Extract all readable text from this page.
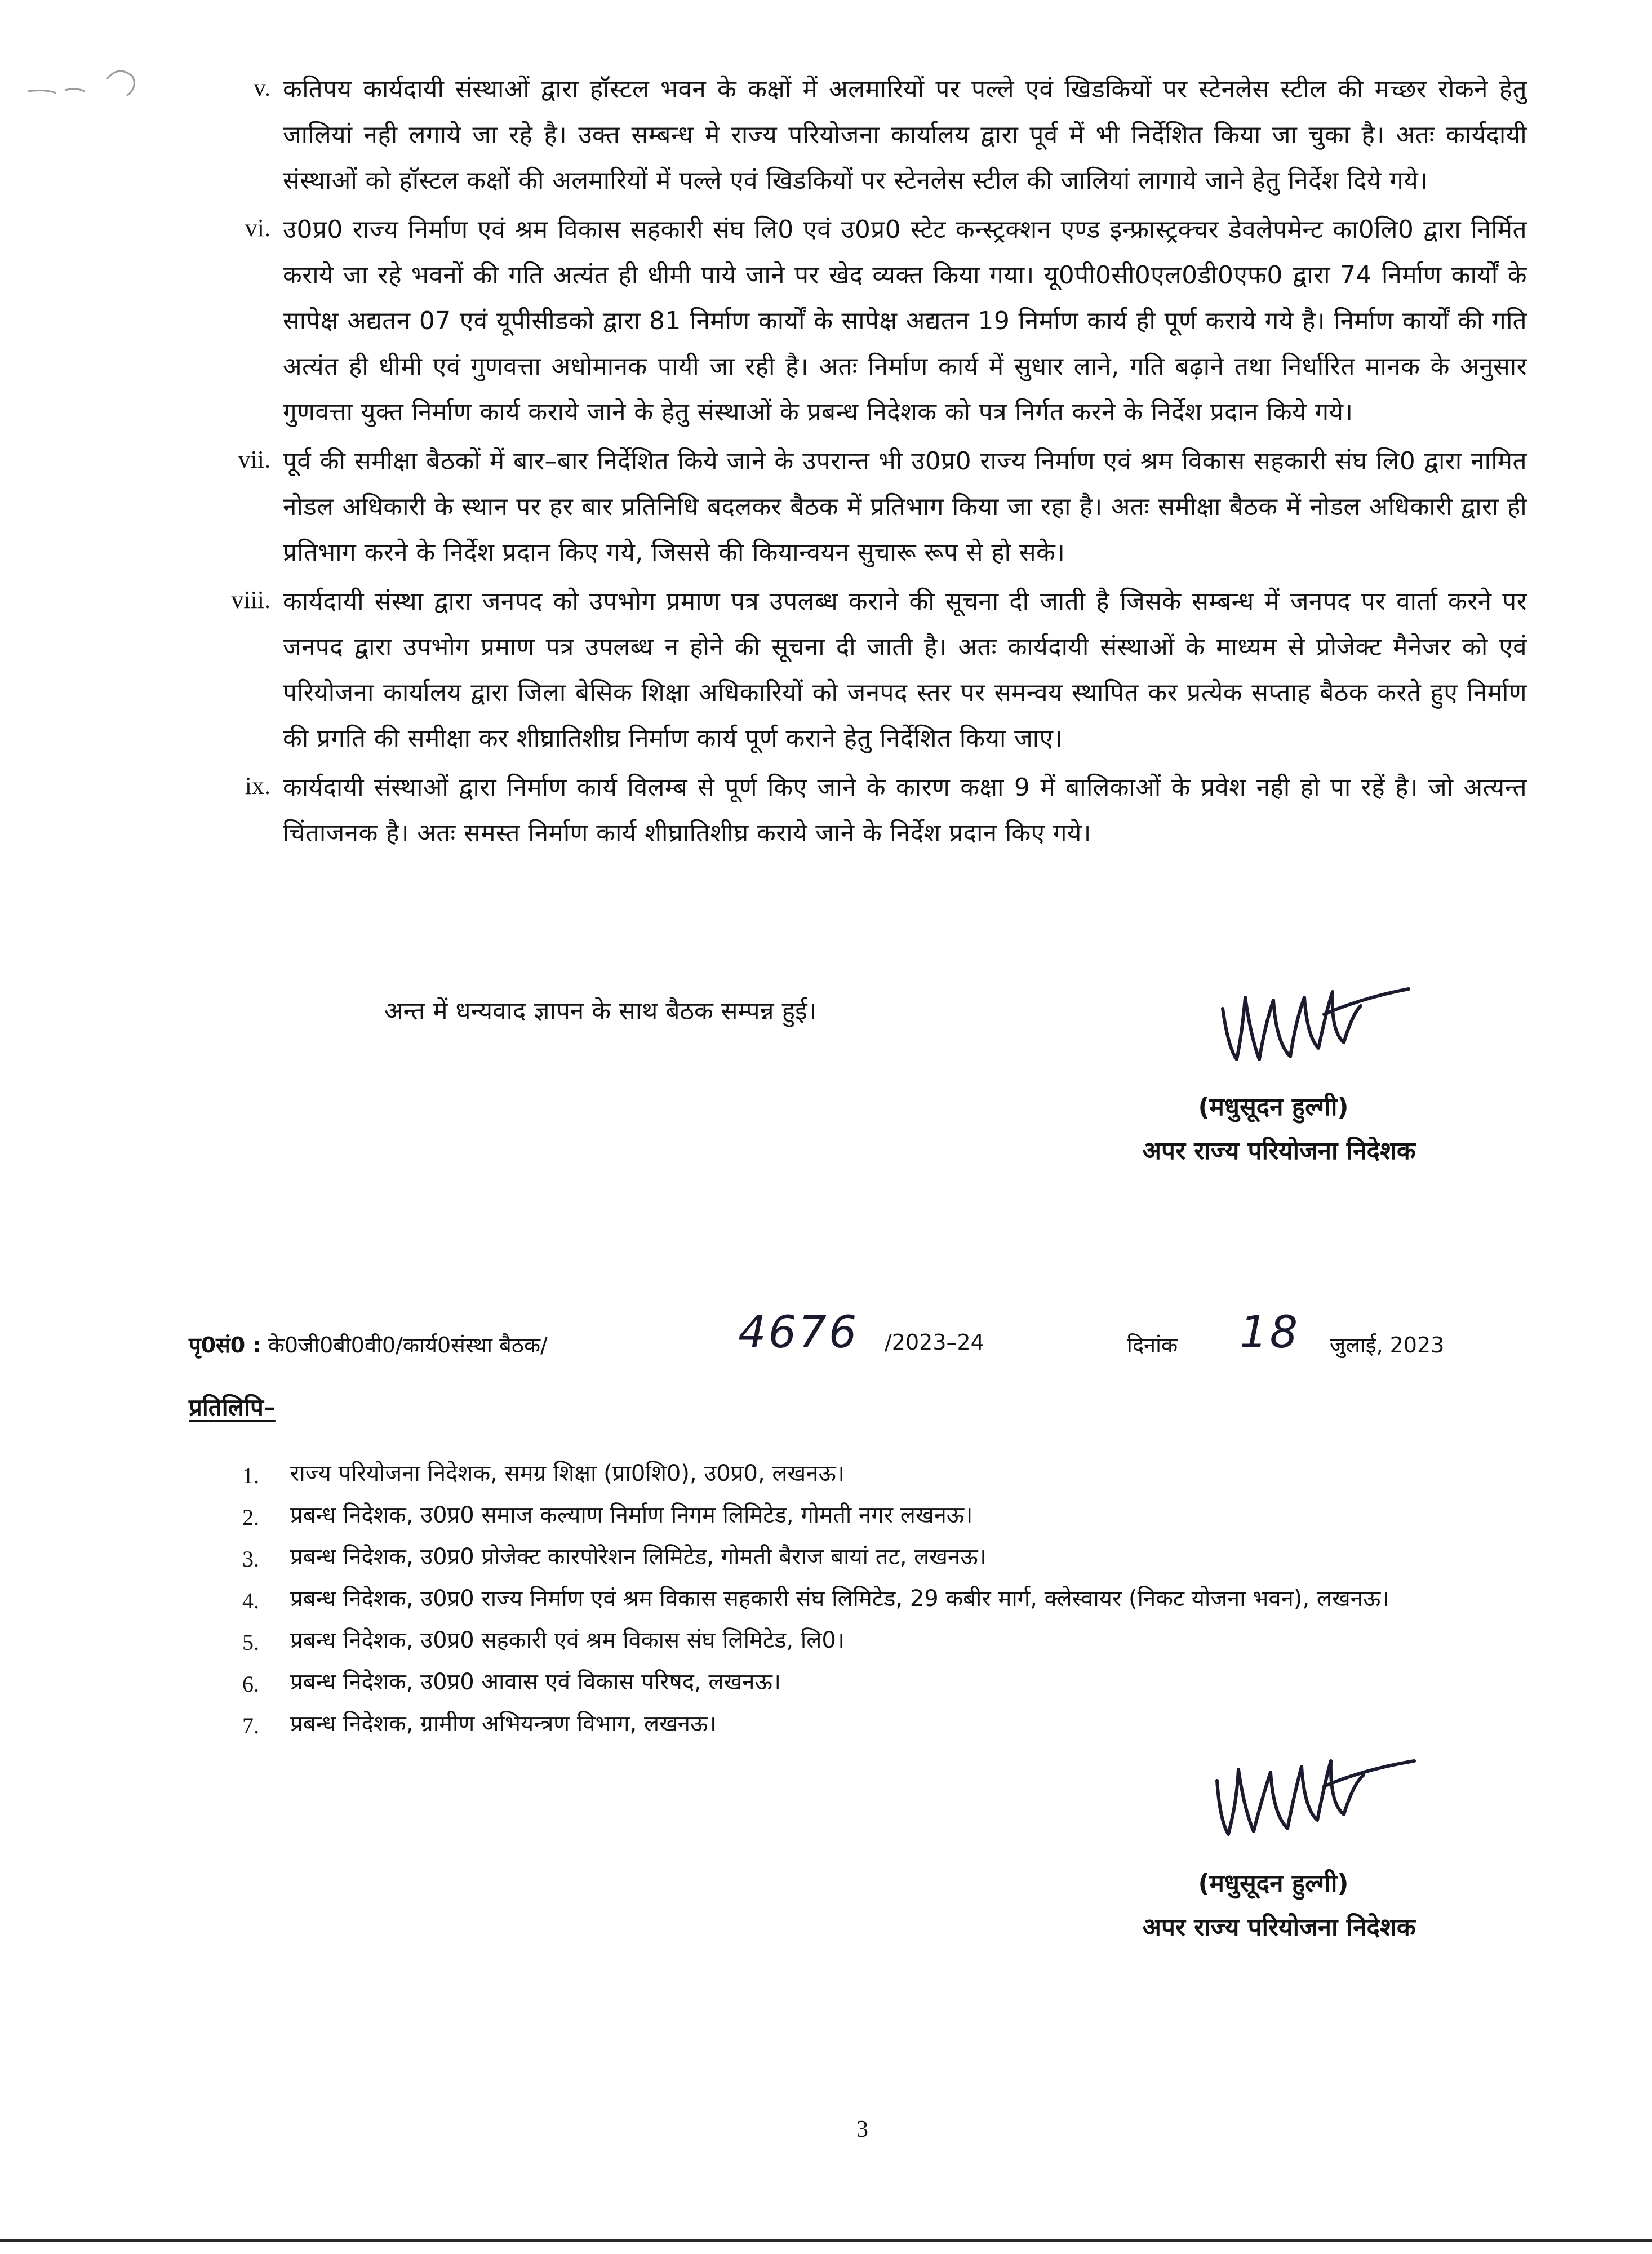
v. कतिपय कार्यदायी संस्थाओं द्वारा हॉस्टल भवन के कक्षों में अलमारियों पर पल्ले एवं खिडकियों पर स्टेनलेस स्टील की मच्छर रोकने हेतु जालियां नही लगाये जा रहे है। उक्त सम्बन्ध मे राज्य परियोजना कार्यालय द्वारा पूर्व में भी निर्देशित किया जा चुका है। अतः कार्यदायी संस्थाओं को हॉस्टल कक्षों की अलमारियों में पल्ले एवं खिडकियों पर स्टेनलेस स्टील की जालियां लागाये जाने हेतु निर्देश दिये गये।
vi. उ0प्र0 राज्य निर्माण एवं श्रम विकास सहकारी संघ लि0 एवं उ0प्र0 स्टेट कन्स्ट्रक्शन एण्ड इन्फ्रास्ट्रक्चर डेवलेपमेन्ट का0लि0 द्वारा निर्मित कराये जा रहे भवनों की गति अत्यंत ही धीमी पाये जाने पर खेद व्यक्त किया गया। यू0पी0सी0एल0डी0एफ0 द्वारा 74 निर्माण कार्यों के सापेक्ष अद्यतन 07 एवं यूपीसीडको द्वारा 81 निर्माण कार्यों के सापेक्ष अद्यतन 19 निर्माण कार्य ही पूर्ण कराये गये है। निर्माण कार्यों की गति अत्यंत ही धीमी एवं गुणवत्ता अधोमानक पायी जा रही है। अतः निर्माण कार्य में सुधार लाने, गति बढ़ाने तथा निर्धारित मानक के अनुसार गुणवत्ता युक्त निर्माण कार्य कराये जाने के हेतु संस्थाओं के प्रबन्ध निदेशक को पत्र निर्गत करने के निर्देश प्रदान किये गये।
vii. पूर्व की समीक्षा बैठकों में बार–बार निर्देशित किये जाने के उपरान्त भी उ0प्र0 राज्य निर्माण एवं श्रम विकास सहकारी संघ लि0 द्वारा नामित नोडल अधिकारी के स्थान पर हर बार प्रतिनिधि बदलकर बैठक में प्रतिभाग किया जा रहा है। अतः समीक्षा बैठक में नोडल अधिकारी द्वारा ही प्रतिभाग करने के निर्देश प्रदान किए गये, जिससे की कियान्वयन सुचारू रूप से हो सके।
viii. कार्यदायी संस्था द्वारा जनपद को उपभोग प्रमाण पत्र उपलब्ध कराने की सूचना दी जाती है जिसके सम्बन्ध में जनपद पर वार्ता करने पर जनपद द्वारा उपभोग प्रमाण पत्र उपलब्ध न होने की सूचना दी जाती है। अतः कार्यदायी संस्थाओं के माध्यम से प्रोजेक्ट मैनेजर को एवं परियोजना कार्यालय द्वारा जिला बेसिक शिक्षा अधिकारियों को जनपद स्तर पर समन्वय स्थापित कर प्रत्येक सप्ताह बैठक करते हुए निर्माण की प्रगति की समीक्षा कर शीघ्रातिशीघ्र निर्माण कार्य पूर्ण कराने हेतु निर्देशित किया जाए।
ix. कार्यदायी संस्थाओं द्वारा निर्माण कार्य विलम्ब से पूर्ण किए जाने के कारण कक्षा 9 में बालिकाओं के प्रवेश नही हो पा रहें है। जो अत्यन्त चिंताजनक है। अतः समस्त निर्माण कार्य शीघ्रातिशीघ्र कराये जाने के निर्देश प्रदान किए गये।
अन्त में धन्यवाद ज्ञापन के साथ बैठक सम्पन्न हुई।
(मधुसूदन हुल्गी)
अपर राज्य परियोजना निदेशक
पृ0सं0 : के0जी0बी0वी0/कार्य0संस्था बैठक/	4676 /2023–24	दिनांक 18 जुलाई, 2023
प्रतिलिपि–
1. राज्य परियोजना निदेशक, समग्र शिक्षा (प्रा0शि0), उ0प्र0, लखनऊ।
2. प्रबन्ध निदेशक, उ0प्र0 समाज कल्याण निर्माण निगम लिमिटेड, गोमती नगर लखनऊ।
3. प्रबन्ध निदेशक, उ0प्र0 प्रोजेक्ट कारपोरेशन लिमिटेड, गोमती बैराज बायां तट, लखनऊ।
4. प्रबन्ध निदेशक, उ0प्र0 राज्य निर्माण एवं श्रम विकास सहकारी संघ लिमिटेड, 29 कबीर मार्ग, क्लेस्वायर (निकट योजना भवन), लखनऊ।
5. प्रबन्ध निदेशक, उ0प्र0 सहकारी एवं श्रम विकास संघ लिमिटेड, लि0।
6. प्रबन्ध निदेशक, उ0प्र0 आवास एवं विकास परिषद, लखनऊ।
7. प्रबन्ध निदेशक, ग्रामीण अभियन्त्रण विभाग, लखनऊ।
(मधुसूदन हुल्गी)
अपर राज्य परियोजना निदेशक
3
